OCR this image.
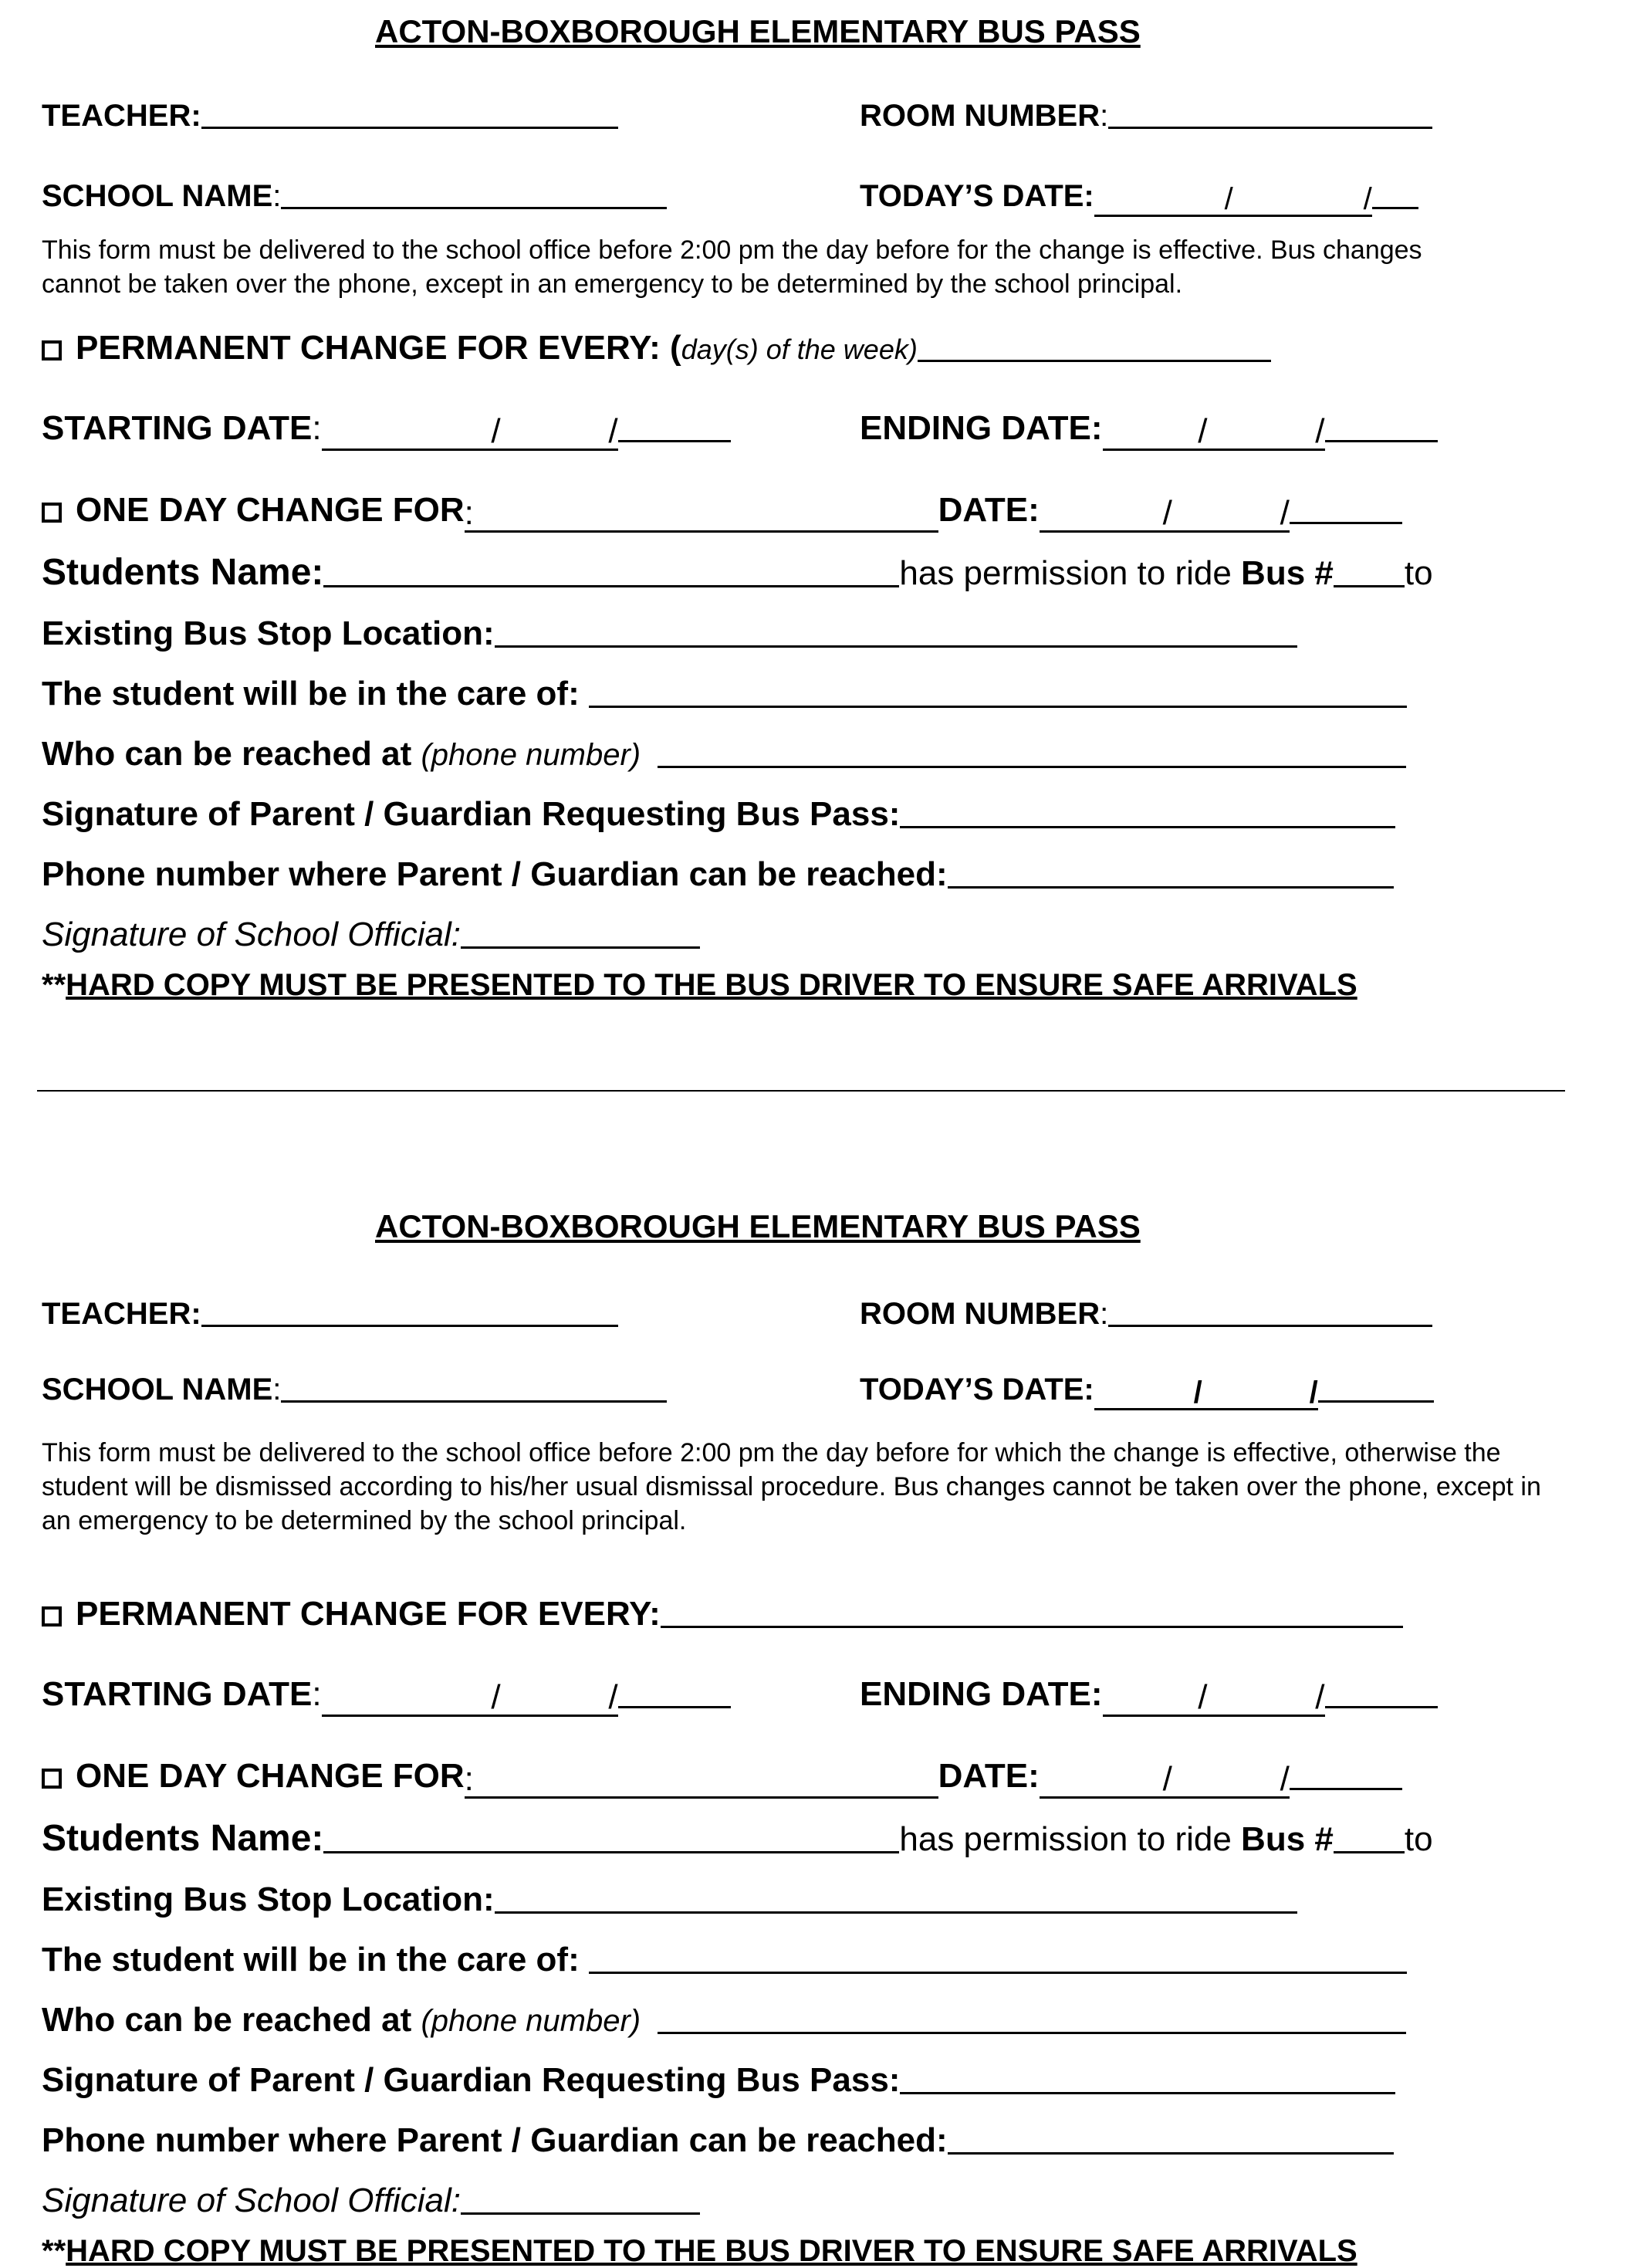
ACTON-BOXBOROUGH ELEMENTARY BUS PASS
TEACHER:	ROOM NUMBER:
SCHOOL NAME:	TODAY’S DATE:	/	/
This form must be delivered to the school office before 2:00 pm the day before for the change is effective. Bus changes cannot be taken over the phone, except in an emergency to be determined by the school principal.
PERMANENT CHANGE FOR EVERY: (day(s) of the week)
STARTING DATE:	/	/	ENDING DATE:	/	/
ONE DAY CHANGE FOR:	DATE:	/	/
Students Name:	has permission to ride Bus # to
Existing Bus Stop Location:
The student will be in the care of:
Who can be reached at (phone number)
Signature of Parent / Guardian Requesting Bus Pass:
Phone number where Parent / Guardian can be reached:
Signature of School Official:
**HARD COPY MUST BE PRESENTED TO THE BUS DRIVER TO ENSURE SAFE ARRIVALS
ACTON-BOXBOROUGH ELEMENTARY BUS PASS
TEACHER:	ROOM NUMBER:
SCHOOL NAME:	TODAY’S DATE:	/	/
This form must be delivered to the school office before 2:00 pm the day before for which the change is effective, otherwise the student will be dismissed according to his/her usual dismissal procedure. Bus changes cannot be taken over the phone, except in an emergency to be determined by the school principal.
PERMANENT CHANGE FOR EVERY:
STARTING DATE:	/	/	ENDING DATE:	/	/
ONE DAY CHANGE FOR:	DATE:	/	/
Students Name:	has permission to ride Bus # to
Existing Bus Stop Location:
The student will be in the care of:
Who can be reached at (phone number)
Signature of Parent / Guardian Requesting Bus Pass:
Phone number where Parent / Guardian can be reached:
Signature of School Official:
**HARD COPY MUST BE PRESENTED TO THE BUS DRIVER TO ENSURE SAFE ARRIVALS
